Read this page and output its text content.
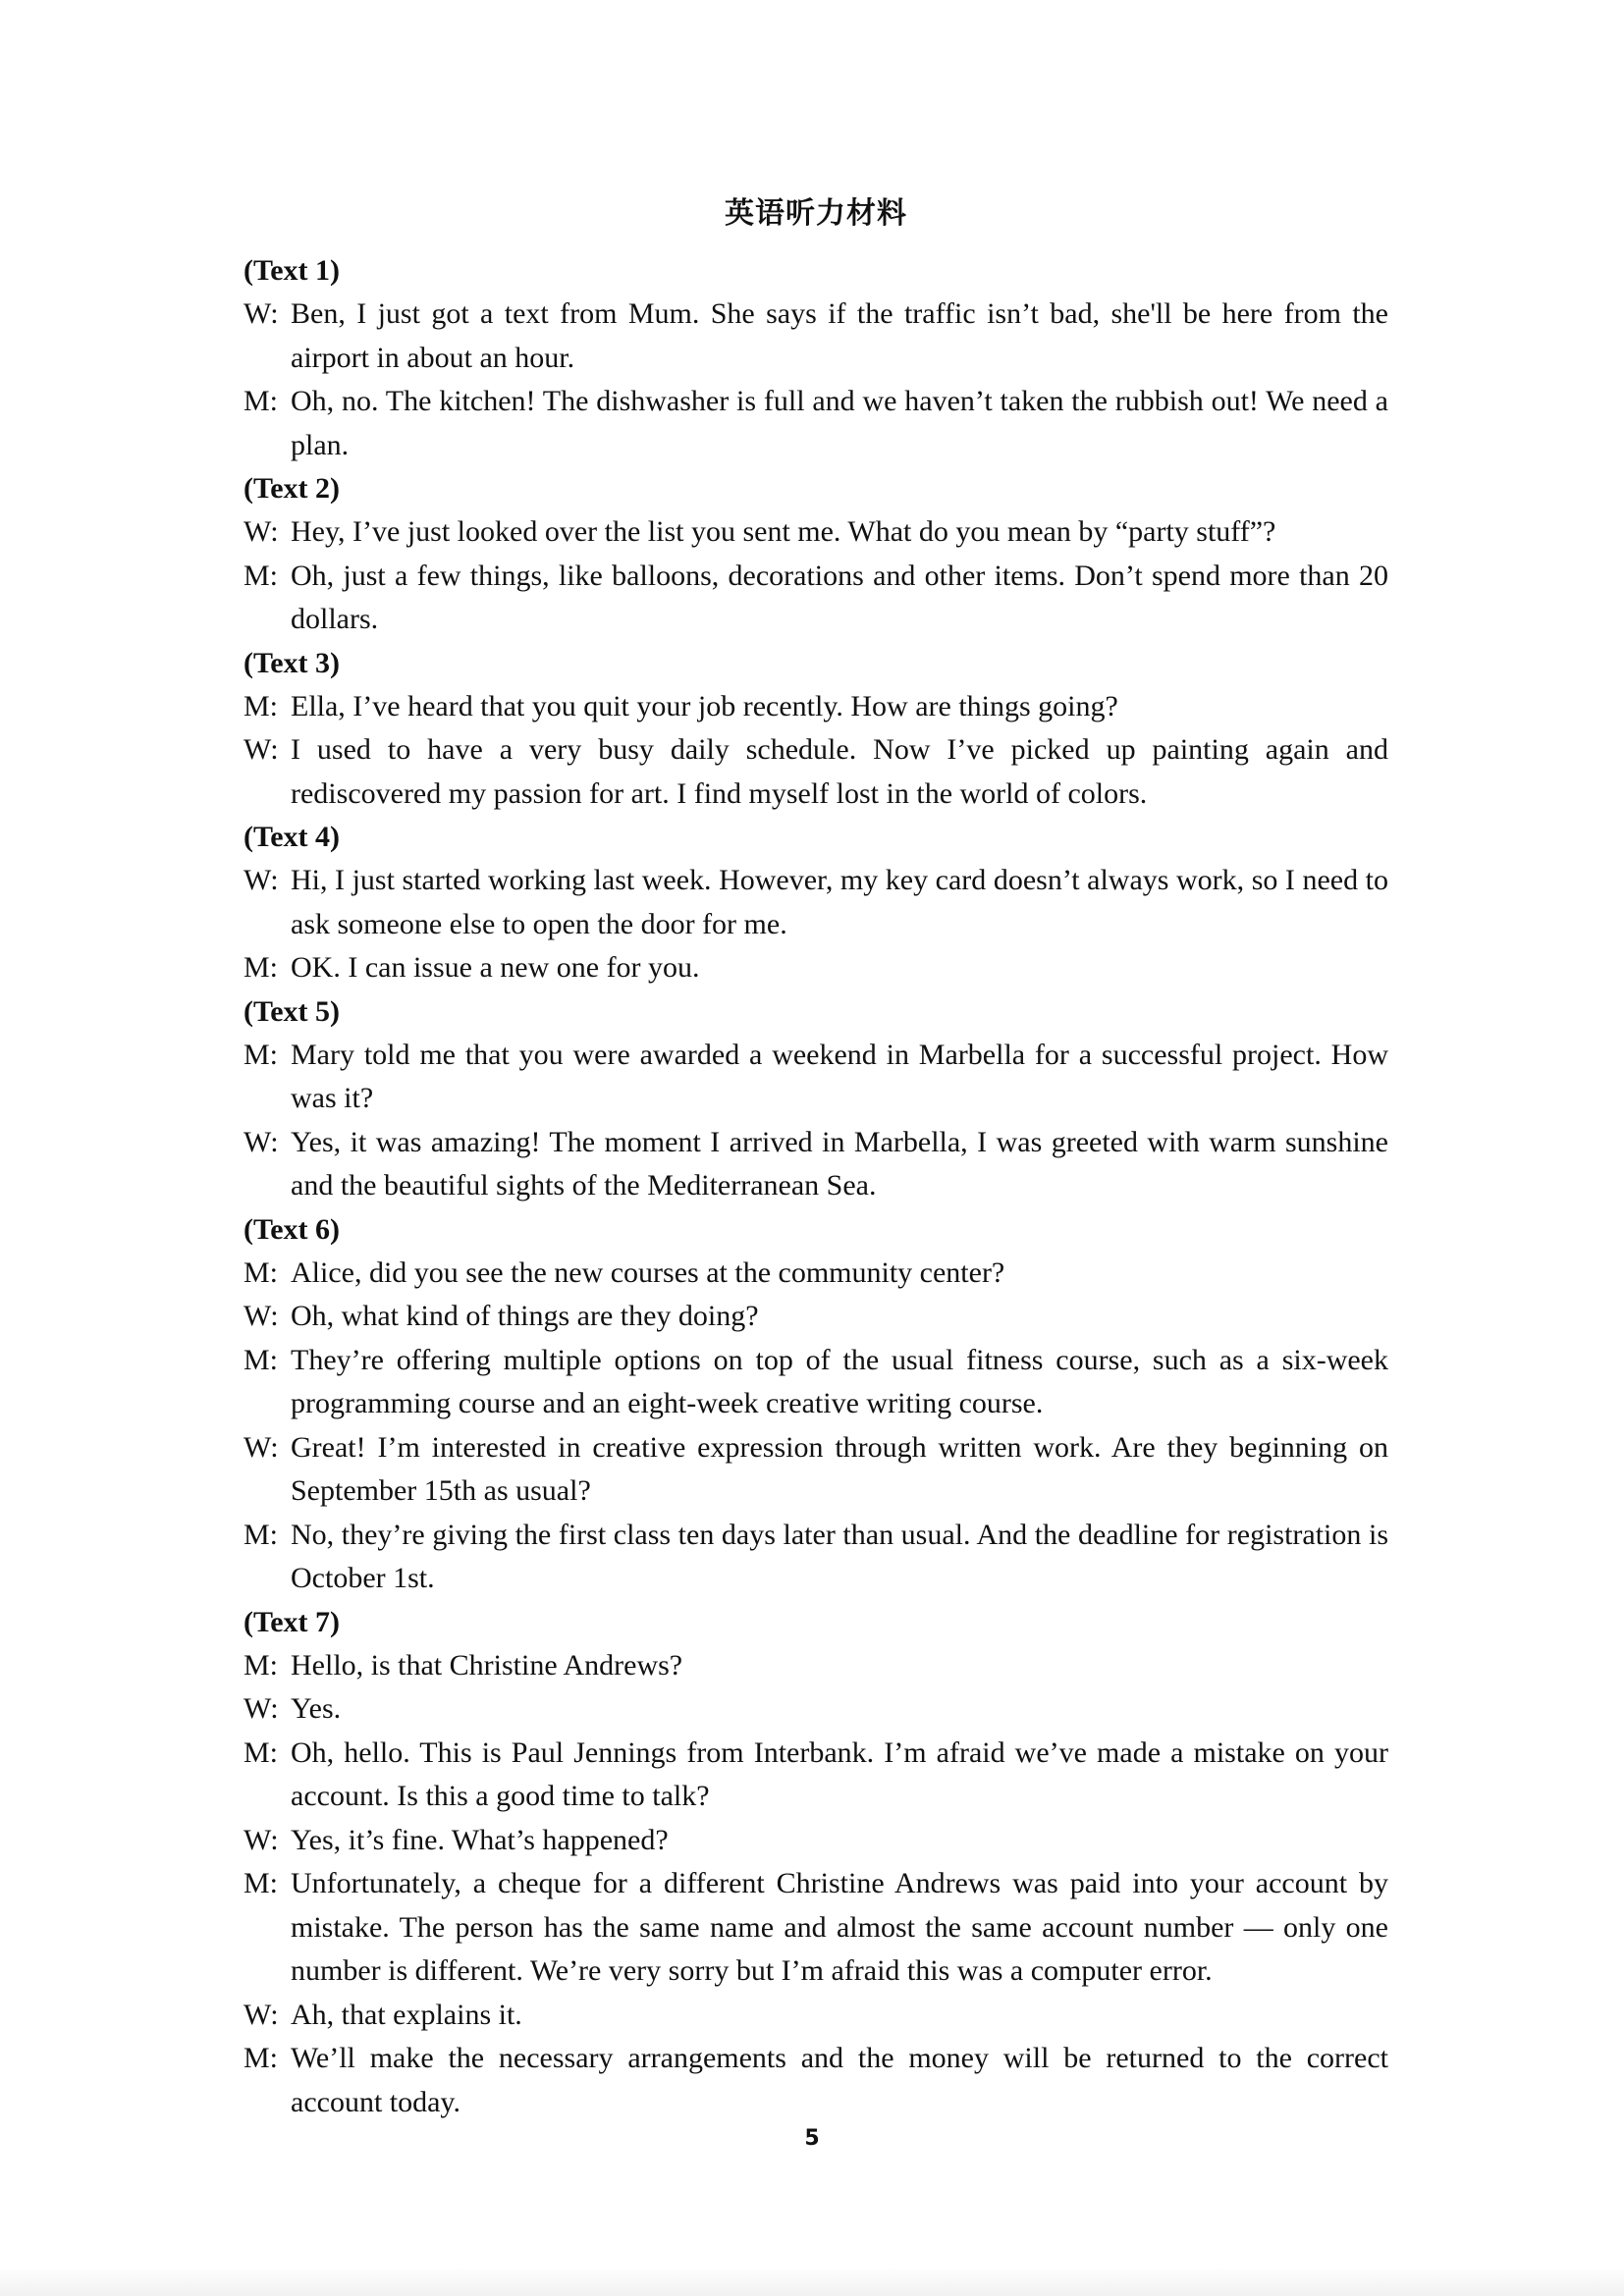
英语听力材料
(Text 1)
W: Ben, I just got a text from Mum. She says if the traffic isn’t bad, she'll be here from the airport in about an hour.
M: Oh, no. The kitchen! The dishwasher is full and we haven’t taken the rubbish out! We need a plan.
(Text 2)
W: Hey, I’ve just looked over the list you sent me. What do you mean by “party stuff”?
M: Oh, just a few things, like balloons, decorations and other items. Don’t spend more than 20 dollars.
(Text 3)
M: Ella, I’ve heard that you quit your job recently. How are things going?
W: I used to have a very busy daily schedule. Now I’ve picked up painting again and rediscovered my passion for art. I find myself lost in the world of colors.
(Text 4)
W: Hi, I just started working last week. However, my key card doesn’t always work, so I need to ask someone else to open the door for me.
M: OK. I can issue a new one for you.
(Text 5)
M: Mary told me that you were awarded a weekend in Marbella for a successful project. How was it?
W: Yes, it was amazing! The moment I arrived in Marbella, I was greeted with warm sunshine and the beautiful sights of the Mediterranean Sea.
(Text 6)
M: Alice, did you see the new courses at the community center?
W: Oh, what kind of things are they doing?
M: They’re offering multiple options on top of the usual fitness course, such as a six-week programming course and an eight-week creative writing course.
W: Great! I’m interested in creative expression through written work. Are they beginning on September 15th as usual?
M: No, they’re giving the first class ten days later than usual. And the deadline for registration is October 1st.
(Text 7)
M: Hello, is that Christine Andrews?
W: Yes.
M: Oh, hello. This is Paul Jennings from Interbank. I’m afraid we’ve made a mistake on your account. Is this a good time to talk?
W: Yes, it’s fine. What’s happened?
M: Unfortunately, a cheque for a different Christine Andrews was paid into your account by mistake. The person has the same name and almost the same account number — only one number is different. We’re very sorry but I’m afraid this was a computer error.
W: Ah, that explains it.
M: We’ll make the necessary arrangements and the money will be returned to the correct account today.
5
